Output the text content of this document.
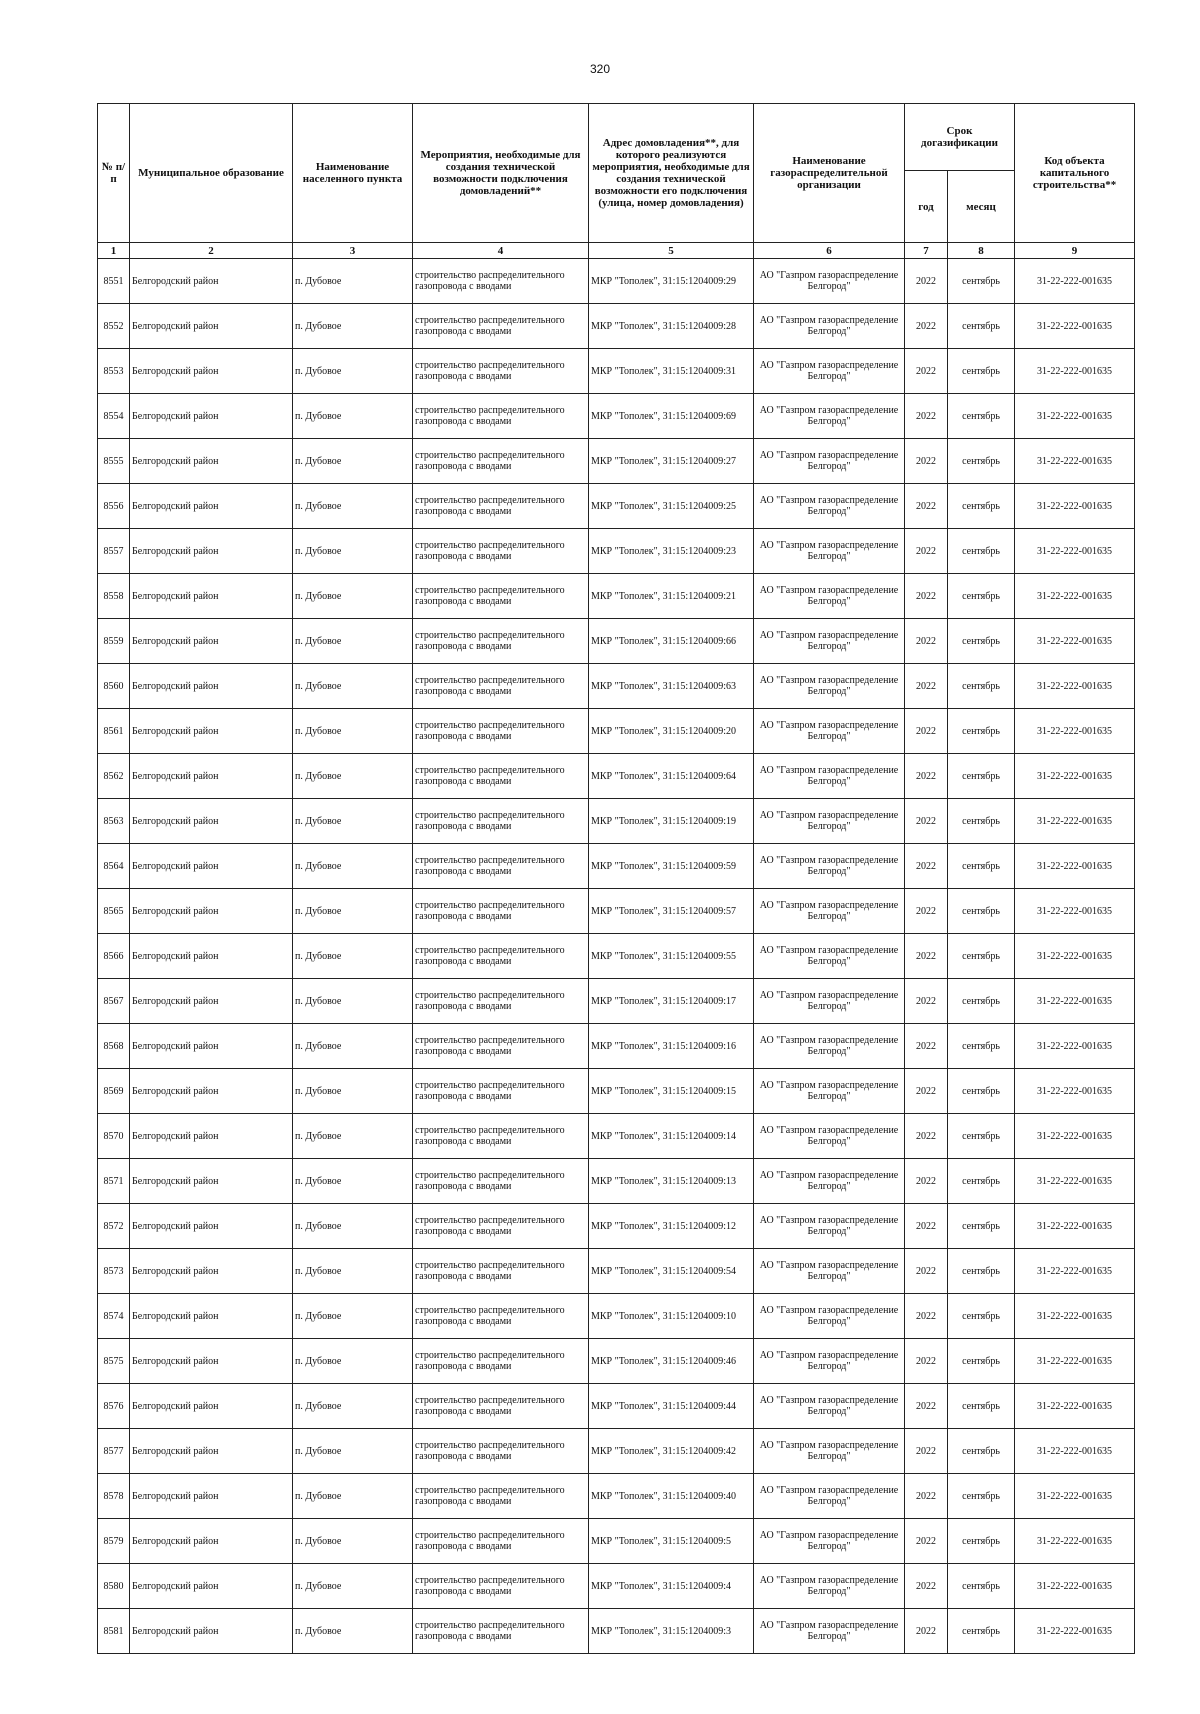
320
№ п/п	Муниципальное образование	Наименование населенного пункта	Мероприятия, необходимые для создания технической возможности подключения домовладений**	Адрес домовладения**, для которого реализуются мероприятия, необходимые для создания технической возможности его подключения (улица, номер домовладения)	Наименование газораспределительной организации	Срок догазификации		Код объекта капитального строительства**
						год	месяц	
1	2	3	4	5	6	7	8	9
8551	Белгородский район	п. Дубовое	строительство распределительного газопровода с вводами	МКР "Тополек", 31:15:1204009:29	АО "Газпром газораспределение Белгород"	2022	сентябрь	31-22-222-001635
8552	Белгородский район	п. Дубовое	строительство распределительного газопровода с вводами	МКР "Тополек", 31:15:1204009:28	АО "Газпром газораспределение Белгород"	2022	сентябрь	31-22-222-001635
8553	Белгородский район	п. Дубовое	строительство распределительного газопровода с вводами	МКР "Тополек", 31:15:1204009:31	АО "Газпром газораспределение Белгород"	2022	сентябрь	31-22-222-001635
8554	Белгородский район	п. Дубовое	строительство распределительного газопровода с вводами	МКР "Тополек", 31:15:1204009:69	АО "Газпром газораспределение Белгород"	2022	сентябрь	31-22-222-001635
8555	Белгородский район	п. Дубовое	строительство распределительного газопровода с вводами	МКР "Тополек", 31:15:1204009:27	АО "Газпром газораспределение Белгород"	2022	сентябрь	31-22-222-001635
8556	Белгородский район	п. Дубовое	строительство распределительного газопровода с вводами	МКР "Тополек", 31:15:1204009:25	АО "Газпром газораспределение Белгород"	2022	сентябрь	31-22-222-001635
8557	Белгородский район	п. Дубовое	строительство распределительного газопровода с вводами	МКР "Тополек", 31:15:1204009:23	АО "Газпром газораспределение Белгород"	2022	сентябрь	31-22-222-001635
8558	Белгородский район	п. Дубовое	строительство распределительного газопровода с вводами	МКР "Тополек", 31:15:1204009:21	АО "Газпром газораспределение Белгород"	2022	сентябрь	31-22-222-001635
8559	Белгородский район	п. Дубовое	строительство распределительного газопровода с вводами	МКР "Тополек", 31:15:1204009:66	АО "Газпром газораспределение Белгород"	2022	сентябрь	31-22-222-001635
8560	Белгородский район	п. Дубовое	строительство распределительного газопровода с вводами	МКР "Тополек", 31:15:1204009:63	АО "Газпром газораспределение Белгород"	2022	сентябрь	31-22-222-001635
8561	Белгородский район	п. Дубовое	строительство распределительного газопровода с вводами	МКР "Тополек", 31:15:1204009:20	АО "Газпром газораспределение Белгород"	2022	сентябрь	31-22-222-001635
8562	Белгородский район	п. Дубовое	строительство распределительного газопровода с вводами	МКР "Тополек", 31:15:1204009:64	АО "Газпром газораспределение Белгород"	2022	сентябрь	31-22-222-001635
8563	Белгородский район	п. Дубовое	строительство распределительного газопровода с вводами	МКР "Тополек", 31:15:1204009:19	АО "Газпром газораспределение Белгород"	2022	сентябрь	31-22-222-001635
8564	Белгородский район	п. Дубовое	строительство распределительного газопровода с вводами	МКР "Тополек", 31:15:1204009:59	АО "Газпром газораспределение Белгород"	2022	сентябрь	31-22-222-001635
8565	Белгородский район	п. Дубовое	строительство распределительного газопровода с вводами	МКР "Тополек", 31:15:1204009:57	АО "Газпром газораспределение Белгород"	2022	сентябрь	31-22-222-001635
8566	Белгородский район	п. Дубовое	строительство распределительного газопровода с вводами	МКР "Тополек", 31:15:1204009:55	АО "Газпром газораспределение Белгород"	2022	сентябрь	31-22-222-001635
8567	Белгородский район	п. Дубовое	строительство распределительного газопровода с вводами	МКР "Тополек", 31:15:1204009:17	АО "Газпром газораспределение Белгород"	2022	сентябрь	31-22-222-001635
8568	Белгородский район	п. Дубовое	строительство распределительного газопровода с вводами	МКР "Тополек", 31:15:1204009:16	АО "Газпром газораспределение Белгород"	2022	сентябрь	31-22-222-001635
8569	Белгородский район	п. Дубовое	строительство распределительного газопровода с вводами	МКР "Тополек", 31:15:1204009:15	АО "Газпром газораспределение Белгород"	2022	сентябрь	31-22-222-001635
8570	Белгородский район	п. Дубовое	строительство распределительного газопровода с вводами	МКР "Тополек", 31:15:1204009:14	АО "Газпром газораспределение Белгород"	2022	сентябрь	31-22-222-001635
8571	Белгородский район	п. Дубовое	строительство распределительного газопровода с вводами	МКР "Тополек", 31:15:1204009:13	АО "Газпром газораспределение Белгород"	2022	сентябрь	31-22-222-001635
8572	Белгородский район	п. Дубовое	строительство распределительного газопровода с вводами	МКР "Тополек", 31:15:1204009:12	АО "Газпром газораспределение Белгород"	2022	сентябрь	31-22-222-001635
8573	Белгородский район	п. Дубовое	строительство распределительного газопровода с вводами	МКР "Тополек", 31:15:1204009:54	АО "Газпром газораспределение Белгород"	2022	сентябрь	31-22-222-001635
8574	Белгородский район	п. Дубовое	строительство распределительного газопровода с вводами	МКР "Тополек", 31:15:1204009:10	АО "Газпром газораспределение Белгород"	2022	сентябрь	31-22-222-001635
8575	Белгородский район	п. Дубовое	строительство распределительного газопровода с вводами	МКР "Тополек", 31:15:1204009:46	АО "Газпром газораспределение Белгород"	2022	сентябрь	31-22-222-001635
8576	Белгородский район	п. Дубовое	строительство распределительного газопровода с вводами	МКР "Тополек", 31:15:1204009:44	АО "Газпром газораспределение Белгород"	2022	сентябрь	31-22-222-001635
8577	Белгородский район	п. Дубовое	строительство распределительного газопровода с вводами	МКР "Тополек", 31:15:1204009:42	АО "Газпром газораспределение Белгород"	2022	сентябрь	31-22-222-001635
8578	Белгородский район	п. Дубовое	строительство распределительного газопровода с вводами	МКР "Тополек", 31:15:1204009:40	АО "Газпром газораспределение Белгород"	2022	сентябрь	31-22-222-001635
8579	Белгородский район	п. Дубовое	строительство распределительного газопровода с вводами	МКР "Тополек", 31:15:1204009:5	АО "Газпром газораспределение Белгород"	2022	сентябрь	31-22-222-001635
8580	Белгородский район	п. Дубовое	строительство распределительного газопровода с вводами	МКР "Тополек", 31:15:1204009:4	АО "Газпром газораспределение Белгород"	2022	сентябрь	31-22-222-001635
8581	Белгородский район	п. Дубовое	строительство распределительного газопровода с вводами	МКР "Тополек", 31:15:1204009:3	АО "Газпром газораспределение Белгород"	2022	сентябрь	31-22-222-001635
